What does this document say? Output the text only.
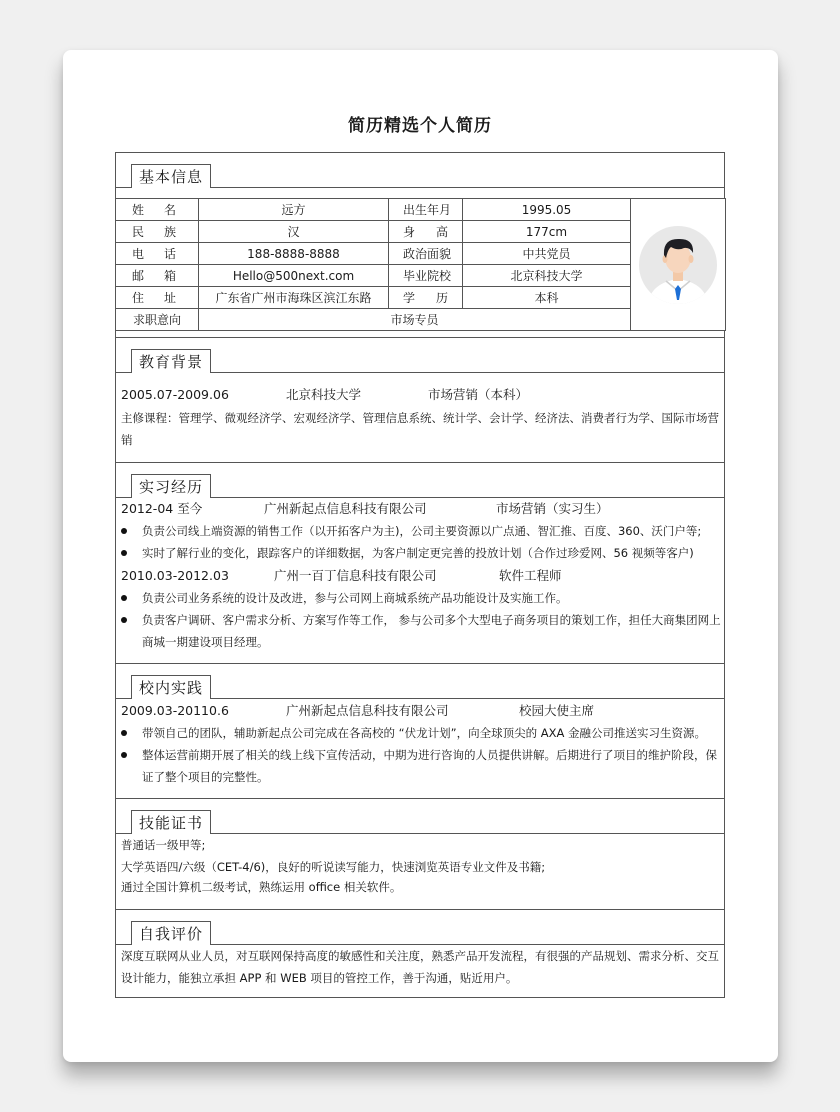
简历精选个人简历
基本信息
教育背景
实习经历
校内实践
技能证书
自我评价
姓　名	远方	出生年月	1995.05	

民　族	汉	身　高	177cm	
电　话	188-8888-8888	政治面貌	中共党员	
邮　箱	Hello@500next.com	毕业院校	北京科技大学	
住　址	广东省广州市海珠区滨江东路	学　历	本科	
求职意向	市场专员			
2005.07-2009.06	北京科技大学	市场营销（本科）
主修课程：管理学、微观经济学、宏观经济学、管理信息系统、统计学、会计学、经济法、消费者行为学、国际市场营销
2012-04 至今	广州新起点信息科技有限公司	市场营销（实习生）
负责公司线上端资源的销售工作（以开拓客户为主)，公司主要资源以广点通、智汇推、百度、360、沃门户等;
实时了解行业的变化，跟踪客户的详细数据，为客户制定更完善的投放计划（合作过珍爱网、56 视频等客户)
2010.03-2012.03	广州一百丁信息科技有限公司	软件工程师
负责公司业务系统的设计及改进，参与公司网上商城系统产品功能设计及实施工作。
负责客户调研、客户需求分析、方案写作等工作， 参与公司多个大型电子商务项目的策划工作，担任大商集团网上商城一期建设项目经理。
2009.03-20110.6	广州新起点信息科技有限公司	校园大使主席
带领自己的团队，辅助新起点公司完成在各高校的 “伏龙计划”，向全球顶尖的 AXA 金融公司推送实习生资源。
整体运营前期开展了相关的线上线下宣传活动，中期为进行咨询的人员提供讲解。后期进行了项目的维护阶段，保证了整个项目的完整性。
普通话一级甲等;
大学英语四/六级（CET-4/6)，良好的听说读写能力，快速浏览英语专业文件及书籍;
通过全国计算机二级考试，熟练运用 office 相关软件。
深度互联网从业人员，对互联网保持高度的敏感性和关注度，熟悉产品开发流程，有很强的产品规划、需求分析、交互设计能力，能独立承担 APP 和 WEB 项目的管控工作，善于沟通，贴近用户。
